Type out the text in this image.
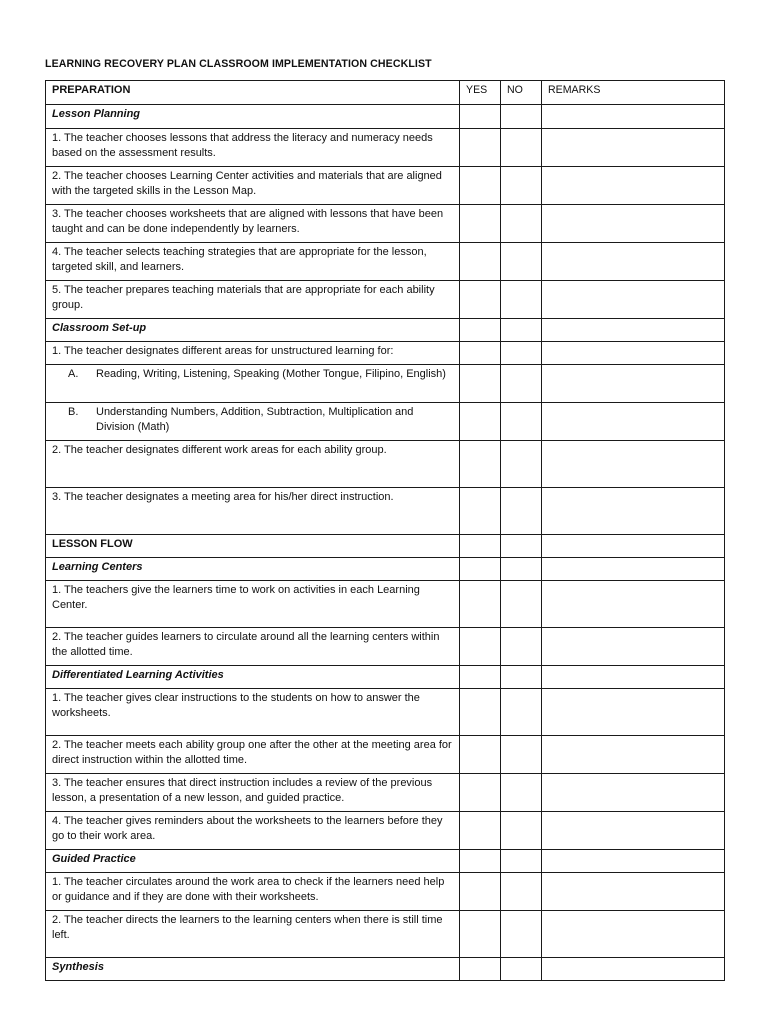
LEARNING RECOVERY PLAN CLASSROOM IMPLEMENTATION CHECKLIST
PREPARATION	YES	NO	REMARKS
Lesson Planning			
1. The teacher chooses lessons that address the literacy and numeracy needs based on the assessment results.			
2. The teacher chooses Learning Center activities and materials that are aligned with the targeted skills in the Lesson Map.			
3. The teacher chooses worksheets that are aligned with lessons that have been taught and can be done independently by learners.			
4. The teacher selects teaching strategies that are appropriate for the lesson, targeted skill, and learners.			
5. The teacher prepares teaching materials that are appropriate for each ability group.			
Classroom Set-up			
1. The teacher designates different areas for unstructured learning for:			

A. Reading, Writing, Listening, Speaking (Mother Tongue, Filipino, English)			

B. Understanding Numbers, Addition, Subtraction, Multiplication and Division (Math)			

2. The teacher designates different work areas for each ability group.			
3. The teacher designates a meeting area for his/her direct instruction.			
LESSON FLOW			
Learning Centers			
1. The teachers give the learners time to work on activities in each Learning Center.			
2. The teacher guides learners to circulate around all the learning centers within the allotted time.			
Differentiated Learning Activities			
1. The teacher gives clear instructions to the students on how to answer the worksheets.			
2. The teacher meets each ability group one after the other at the meeting area for direct instruction within the allotted time.			
3. The teacher ensures that direct instruction includes a review of the previous lesson, a presentation of a new lesson, and guided practice.			
4. The teacher gives reminders about the worksheets to the learners before they go to their work area.			
Guided Practice			
1. The teacher circulates around the work area to check if the learners need help or guidance and if they are done with their worksheets.			
2. The teacher directs the learners to the learning centers when there is still time left.			
Synthesis			
